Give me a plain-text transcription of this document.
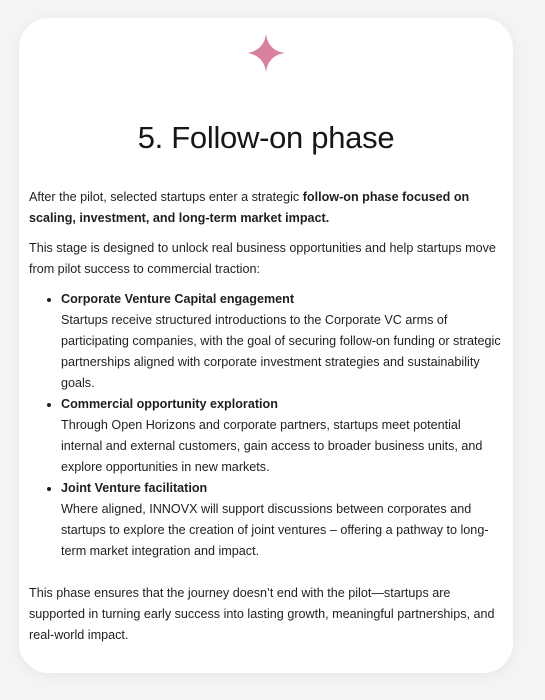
5. Follow-on phase

After the pilot, selected startups enter a strategic follow-on phase focused on scaling, investment, and long-term market impact.

This stage is designed to unlock real business opportunities and help startups move from pilot success to commercial traction:

Corporate Venture Capital engagement
Startups receive structured introductions to the Corporate VC arms of participating companies, with the goal of securing follow-on funding or strategic partnerships aligned with corporate investment strategies and sustainability goals.
Commercial opportunity exploration
Through Open Horizons and corporate partners, startups meet potential internal and external customers, gain access to broader business units, and explore opportunities in new markets.
Joint Venture facilitation
Where aligned, INNOVX will support discussions between corporates and startups to explore the creation of joint ventures – offering a pathway to long-term market integration and impact.

This phase ensures that the journey doesn’t end with the pilot—startups are supported in turning early success into lasting growth, meaningful partnerships, and real-world impact.
